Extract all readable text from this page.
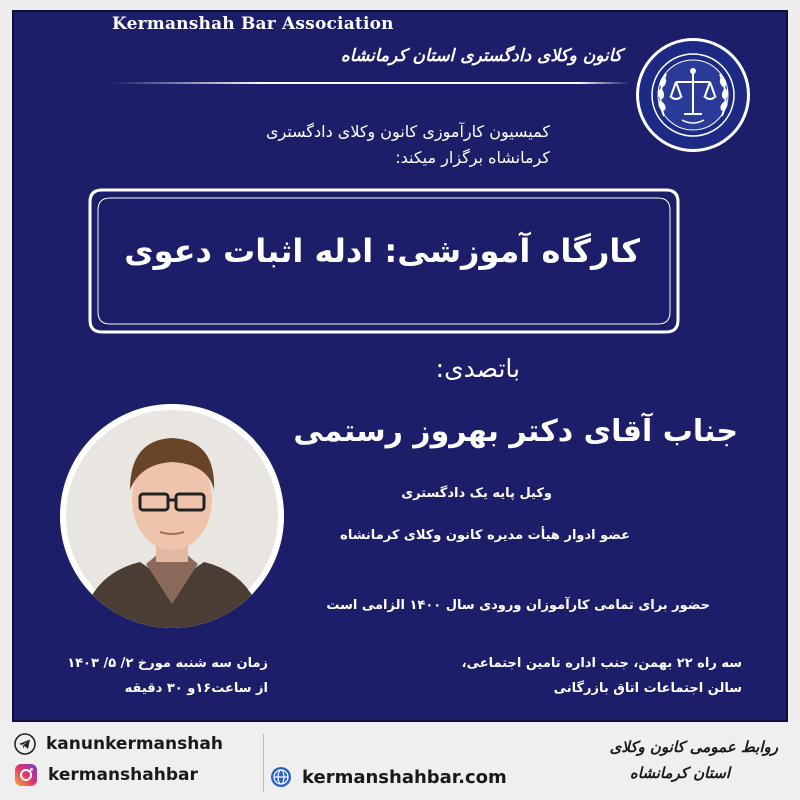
Kermanshah Bar Association
کانون وکلای دادگستری استان کرمانشاه
کمیسیون کارآموزی کانون وکلای دادگستری
کرمانشاه برگزار میکند:
کارگاه آموزشی: ادله اثبات دعوی
باتصدی:
جناب آقای دکتر بهروز رستمی
وکیل پایه یک دادگستری
عضو ادوار هیأت مدیره کانون وکلای کرمانشاه
حضور برای تمامی کارآموزان ورودی سال ۱۴۰۰ الزامی است
زمان سه شنبه مورخ ۲/ ۵/ ۱۴۰۳
از ساعت۱۶و ۳۰ دقیقه
سه راه ۲۲ بهمن، جنب اداره تامین اجتماعی،
سالن اجتماعات اتاق بازرگانی
kanunkermanshah
kermanshahbar	kermanshahbar.com
روابط عمومی کانون وکلای
استان کرمانشاه
